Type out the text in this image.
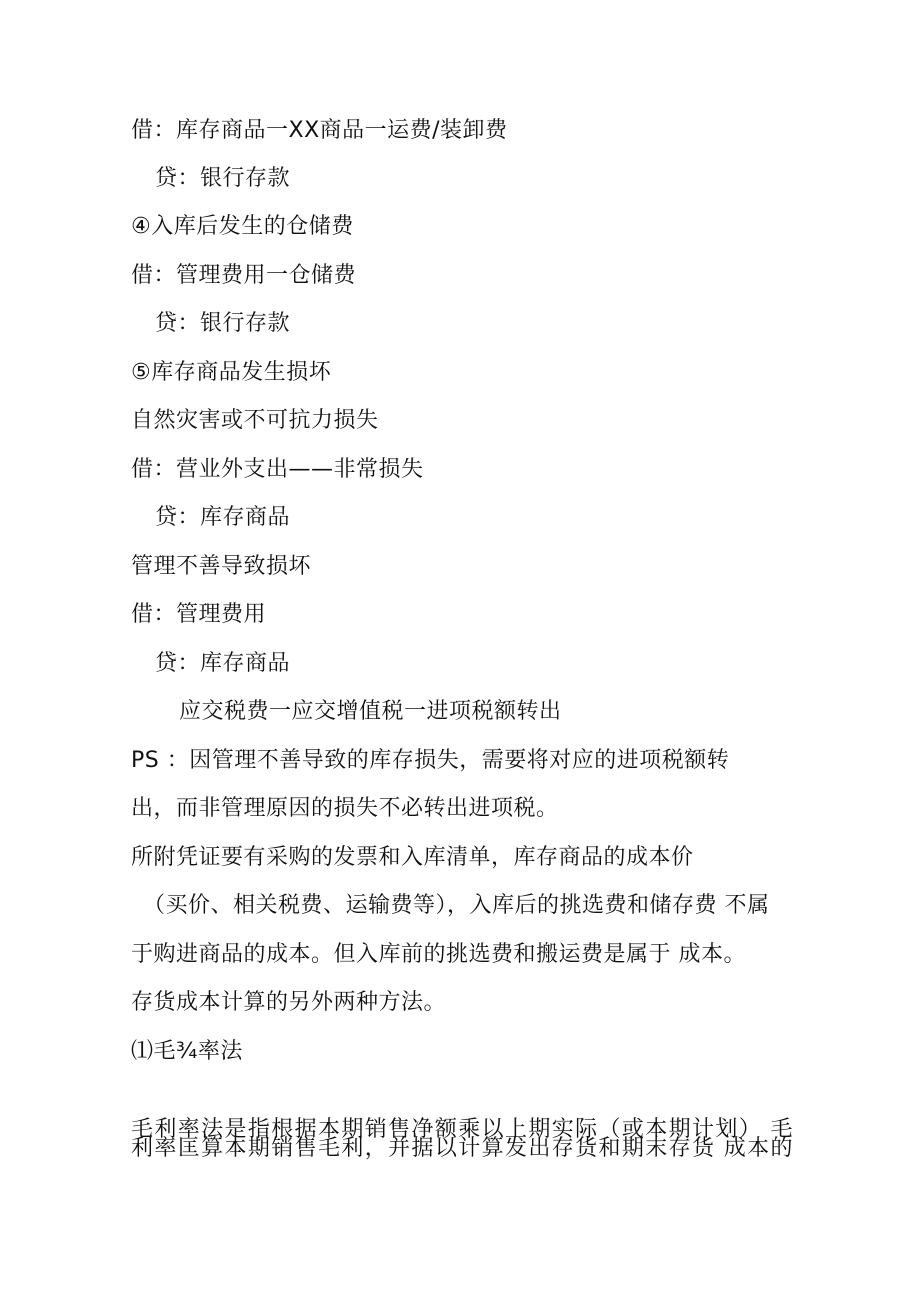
借：库存商品一XX商品一运费/装卸费
贷：银行存款
④入库后发生的仓储费
借：管理费用一仓储费
贷：银行存款
⑤库存商品发生损坏
自然灾害或不可抗力损失
借：营业外支出——非常损失
贷：库存商品
管理不善导致损坏
借：管理费用
贷：库存商品
应交税费一应交增值税一进项税额转出
PS ：因管理不善导致的库存损失，需要将对应的进项税额转
出，而非管理原因的损失不必转出进项税。
所附凭证要有采购的发票和入库清单，库存商品的成本价
（买价、相关税费、运输费等），入库后的挑选费和储存费 不属
于购进商品的成本。但入库前的挑选费和搬运费是属于 成本。
存货成本计算的另外两种方法。
⑴毛¾率法
毛利率法是指根据本期销售净额乘以上期实际（或本期计划） 毛
利率匡算本期销售毛利，并据以计算发出存货和期末存货 成本的
